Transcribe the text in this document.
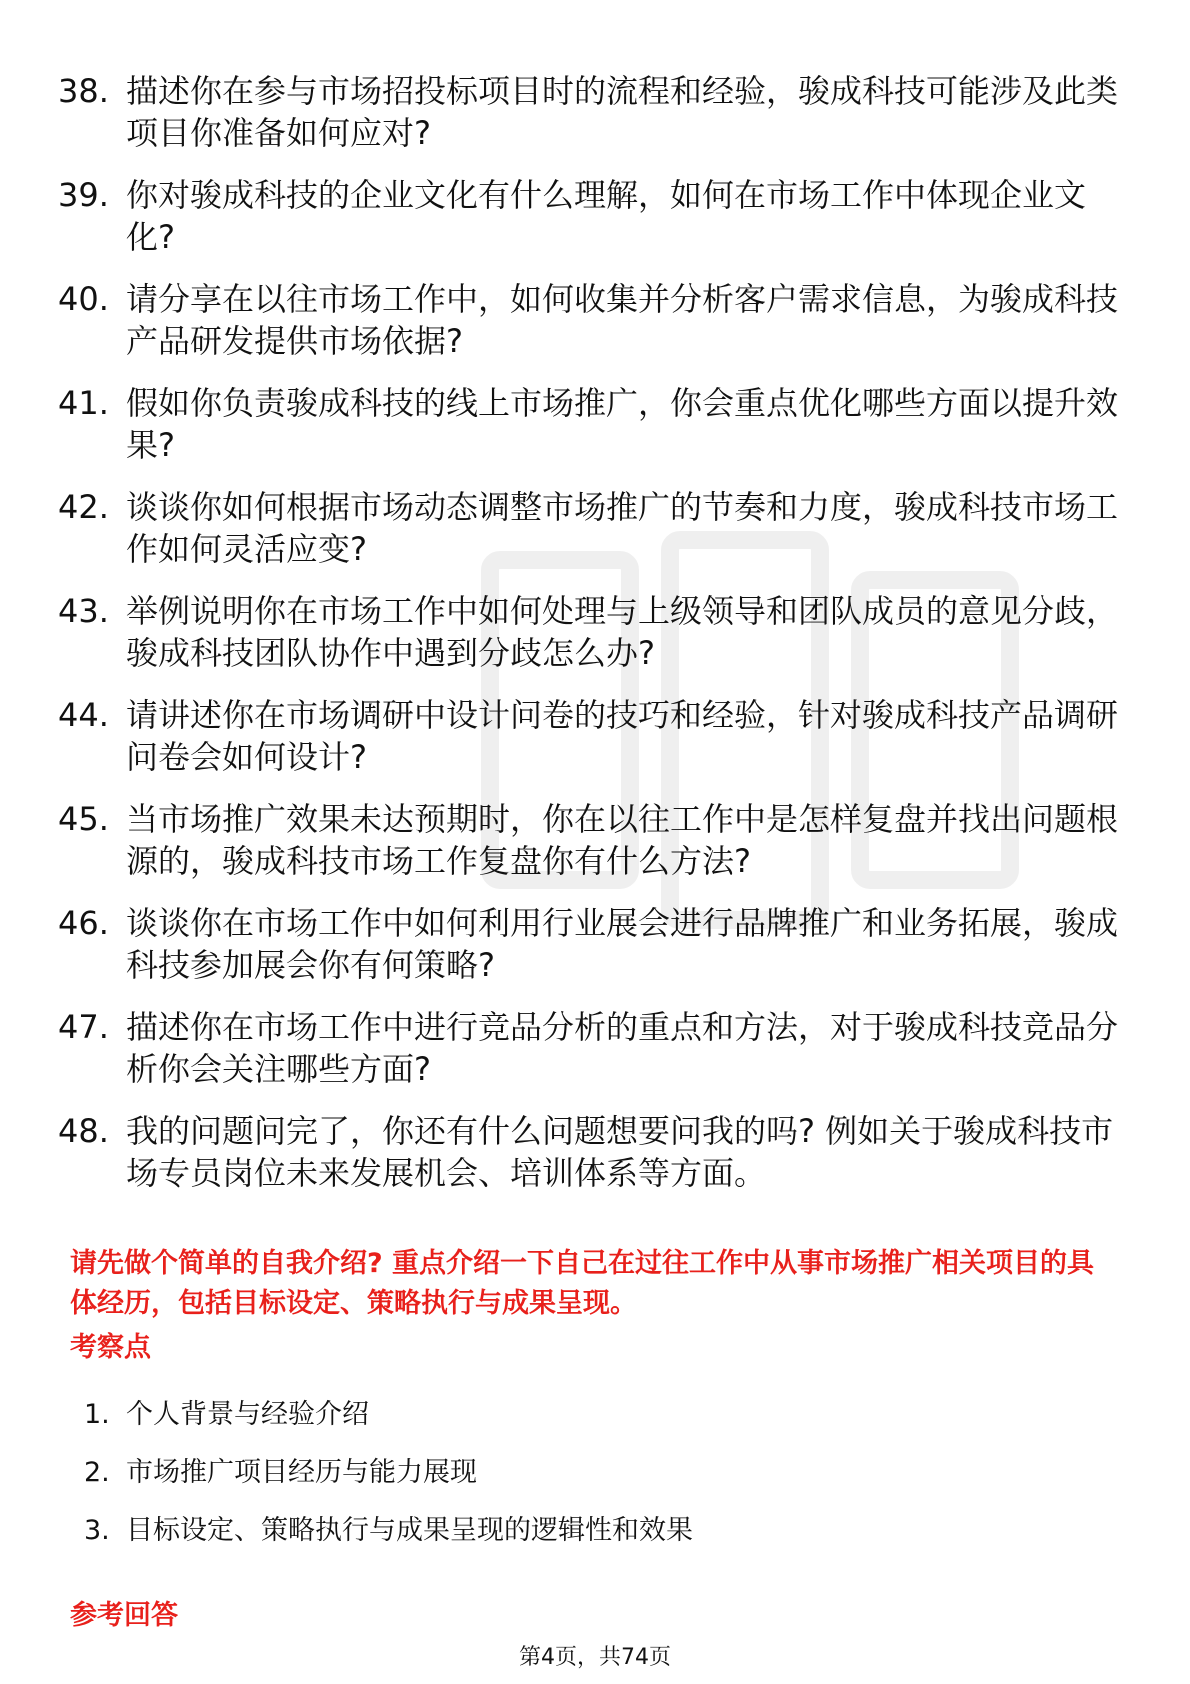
38. 描述你在参与市场招投标项目时的流程和经验，骏成科技可能涉及此类项目你准备如何应对?
39. 你对骏成科技的企业文化有什么理解，如何在市场工作中体现企业文化?
40. 请分享在以往市场工作中，如何收集并分析客户需求信息，为骏成科技产品研发提供市场依据?
41. 假如你负责骏成科技的线上市场推广，你会重点优化哪些方面以提升效果?
42. 谈谈你如何根据市场动态调整市场推广的节奏和力度，骏成科技市场工作如何灵活应变?
43. 举例说明你在市场工作中如何处理与上级领导和团队成员的意见分歧，骏成科技团队协作中遇到分歧怎么办?
44. 请讲述你在市场调研中设计问卷的技巧和经验，针对骏成科技产品调研问卷会如何设计?
45. 当市场推广效果未达预期时，你在以往工作中是怎样复盘并找出问题根源的，骏成科技市场工作复盘你有什么方法?
46. 谈谈你在市场工作中如何利用行业展会进行品牌推广和业务拓展，骏成科技参加展会你有何策略?
47. 描述你在市场工作中进行竞品分析的重点和方法，对于骏成科技竞品分析你会关注哪些方面?
48. 我的问题问完了，你还有什么问题想要问我的吗? 例如关于骏成科技市场专员岗位未来发展机会、培训体系等方面。

请先做个简单的自我介绍? 重点介绍一下自己在过往工作中从事市场推广相关项目的具体经历，包括目标设定、策略执行与成果呈现。

考察点
1. 个人背景与经验介绍
2. 市场推广项目经历与能力展现
3. 目标设定、策略执行与成果呈现的逻辑性和效果
参考回答
第4页，共74页
